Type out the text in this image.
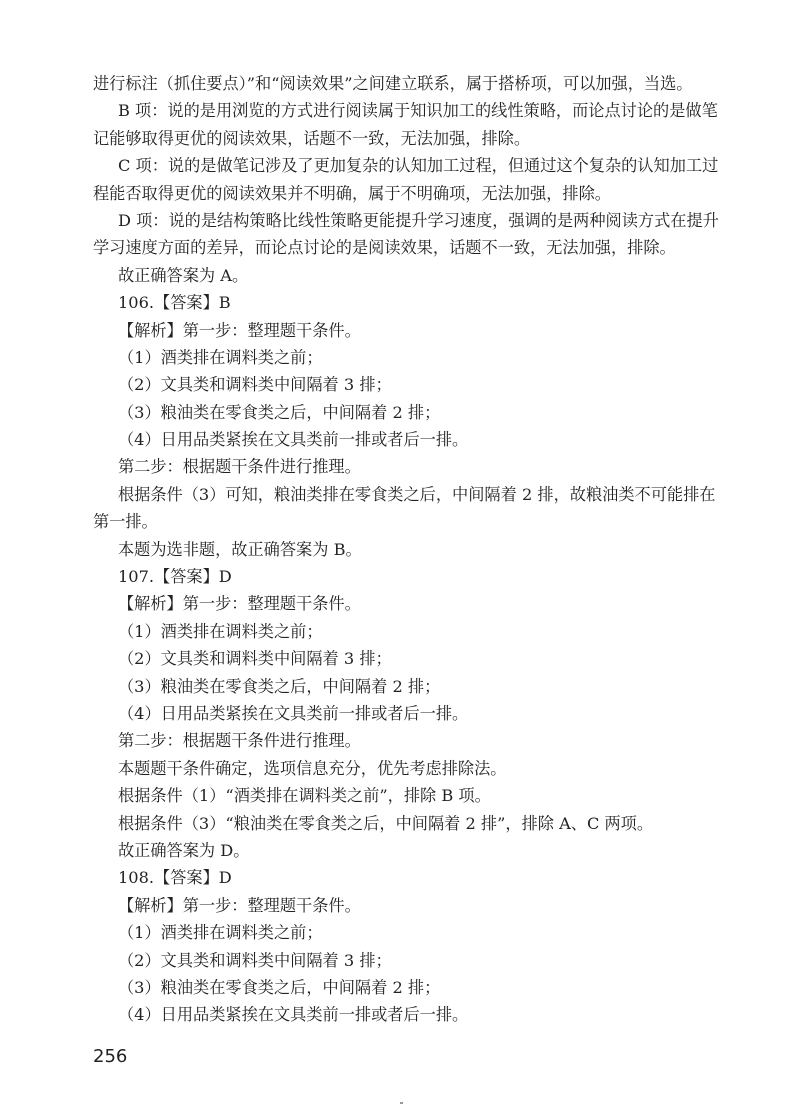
进行标注（抓住要点）”和“阅读效果”之间建立联系，属于搭桥项，可以加强，当选。
B 项：说的是用浏览的方式进行阅读属于知识加工的线性策略，而论点讨论的是做笔
记能够取得更优的阅读效果，话题不一致，无法加强，排除。
C 项：说的是做笔记涉及了更加复杂的认知加工过程，但通过这个复杂的认知加工过
程能否取得更优的阅读效果并不明确，属于不明确项，无法加强，排除。
D 项：说的是结构策略比线性策略更能提升学习速度，强调的是两种阅读方式在提升
学习速度方面的差异，而论点讨论的是阅读效果，话题不一致，无法加强，排除。
故正确答案为 A。
106.【答案】B
【解析】第一步：整理题干条件。
（1）酒类排在调料类之前；
（2）文具类和调料类中间隔着 3 排；
（3）粮油类在零食类之后，中间隔着 2 排；
（4）日用品类紧挨在文具类前一排或者后一排。
第二步：根据题干条件进行推理。
根据条件（3）可知，粮油类排在零食类之后，中间隔着 2 排，故粮油类不可能排在
第一排。
本题为选非题，故正确答案为 B。
107.【答案】D
【解析】第一步：整理题干条件。
（1）酒类排在调料类之前；
（2）文具类和调料类中间隔着 3 排；
（3）粮油类在零食类之后，中间隔着 2 排；
（4）日用品类紧挨在文具类前一排或者后一排。
第二步：根据题干条件进行推理。
本题题干条件确定，选项信息充分，优先考虑排除法。
根据条件（1）“酒类排在调料类之前”，排除 B 项。
根据条件（3）“粮油类在零食类之后，中间隔着 2 排”，排除 A、C 两项。
故正确答案为 D。
108.【答案】D
【解析】第一步：整理题干条件。
（1）酒类排在调料类之前；
（2）文具类和调料类中间隔着 3 排；
（3）粮油类在零食类之后，中间隔着 2 排；
（4）日用品类紧挨在文具类前一排或者后一排。
256
